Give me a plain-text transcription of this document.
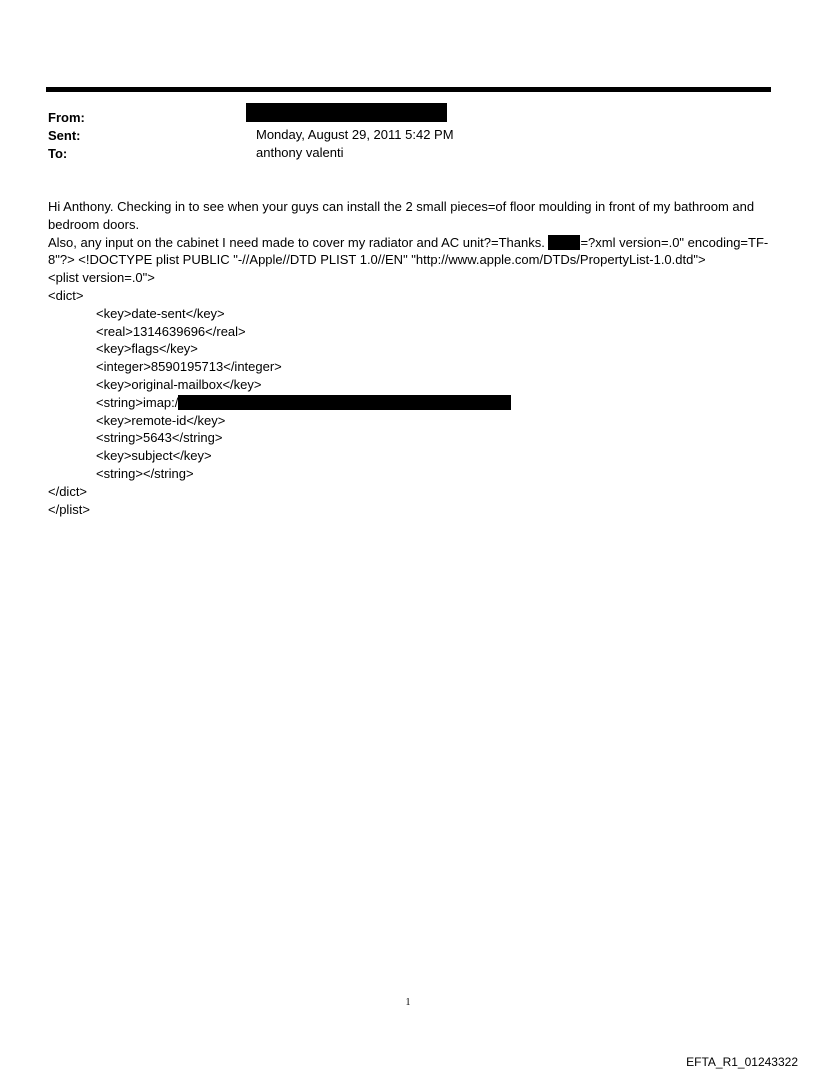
From:
Sent:	Monday, August 29, 2011 5:42 PM
To:	anthony valenti

Hi Anthony. Checking in to see when your guys can install the 2 small pieces=of floor moulding in front of my bathroom and bedroom doors.

Also, any input on the cabinet I need made to cover my radiator and AC unit?=Thanks. =?xml version=.0" encoding=TF-8"?> <!DOCTYPE plist PUBLIC "-//Apple//DTD PLIST 1.0//EN" "http://www.apple.com/DTDs/PropertyList-1.0.dtd">

<plist version=.0">

<dict>

<key>date-sent</key>

<real>1314639696</real>

<key>flags</key>

<integer>8590195713</integer>

<key>original-mailbox</key>

<string>imap:/

<key>remote-id</key>

<string>5643</string>

<key>subject</key>

<string></string>

</dict>

</plist>

1
EFTA_R1_01243322
